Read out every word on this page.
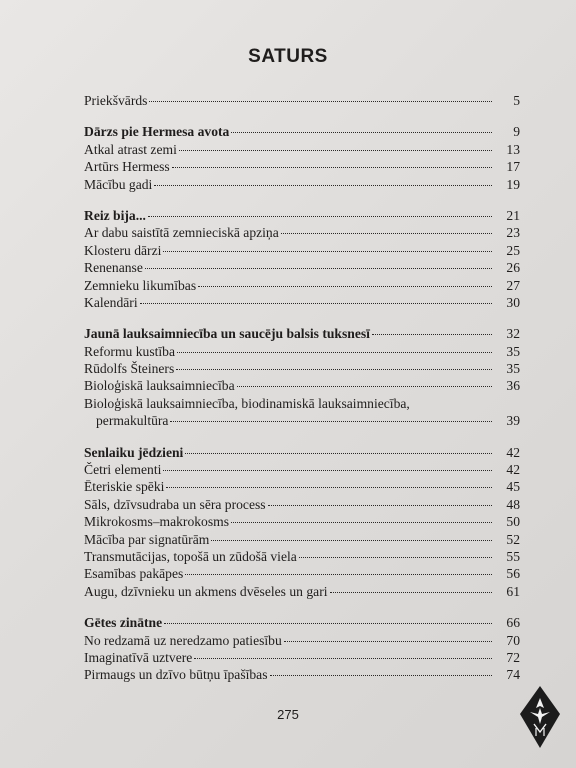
SATURS
Priekšvārds	5
Dārzs pie Hermesa avota	9
Atkal atrast zemi	13
Artūrs Hermess	17
Mācību gadi	19
Reiz bija...	21
Ar dabu saistītā zemnieciskā apziņa	23
Klosteru dārzi	25
Renenanse	26
Zemnieku likumības	27
Kalendāri	30
Jaunā lauksaimniecība un saucēju balsis tuksnesī	32
Reformu kustība	35
Rūdolfs Šteiners	35
Bioloģiskā lauksaimniecība	36
Bioloģiskā lauksaimniecība, biodinamiskā lauksaimniecība,
permakultūra	39
Senlaiku jēdzieni	42
Četri elementi	42
Ēteriskie spēki	45
Sāls, dzīvsudraba un sēra process	48
Mikrokosms–makrokosms	50
Mācība par signatūrām	52
Transmutācijas, topošā un zūdošā viela	55
Esamības pakāpes	56
Augu, dzīvnieku un akmens dvēseles un gari	61
Gētes zinātne	66
No redzamā uz neredzamo patiesību	70
Imaginatīvā uztvere	72
Pirmaugs un dzīvo būtņu īpašības	74
275
